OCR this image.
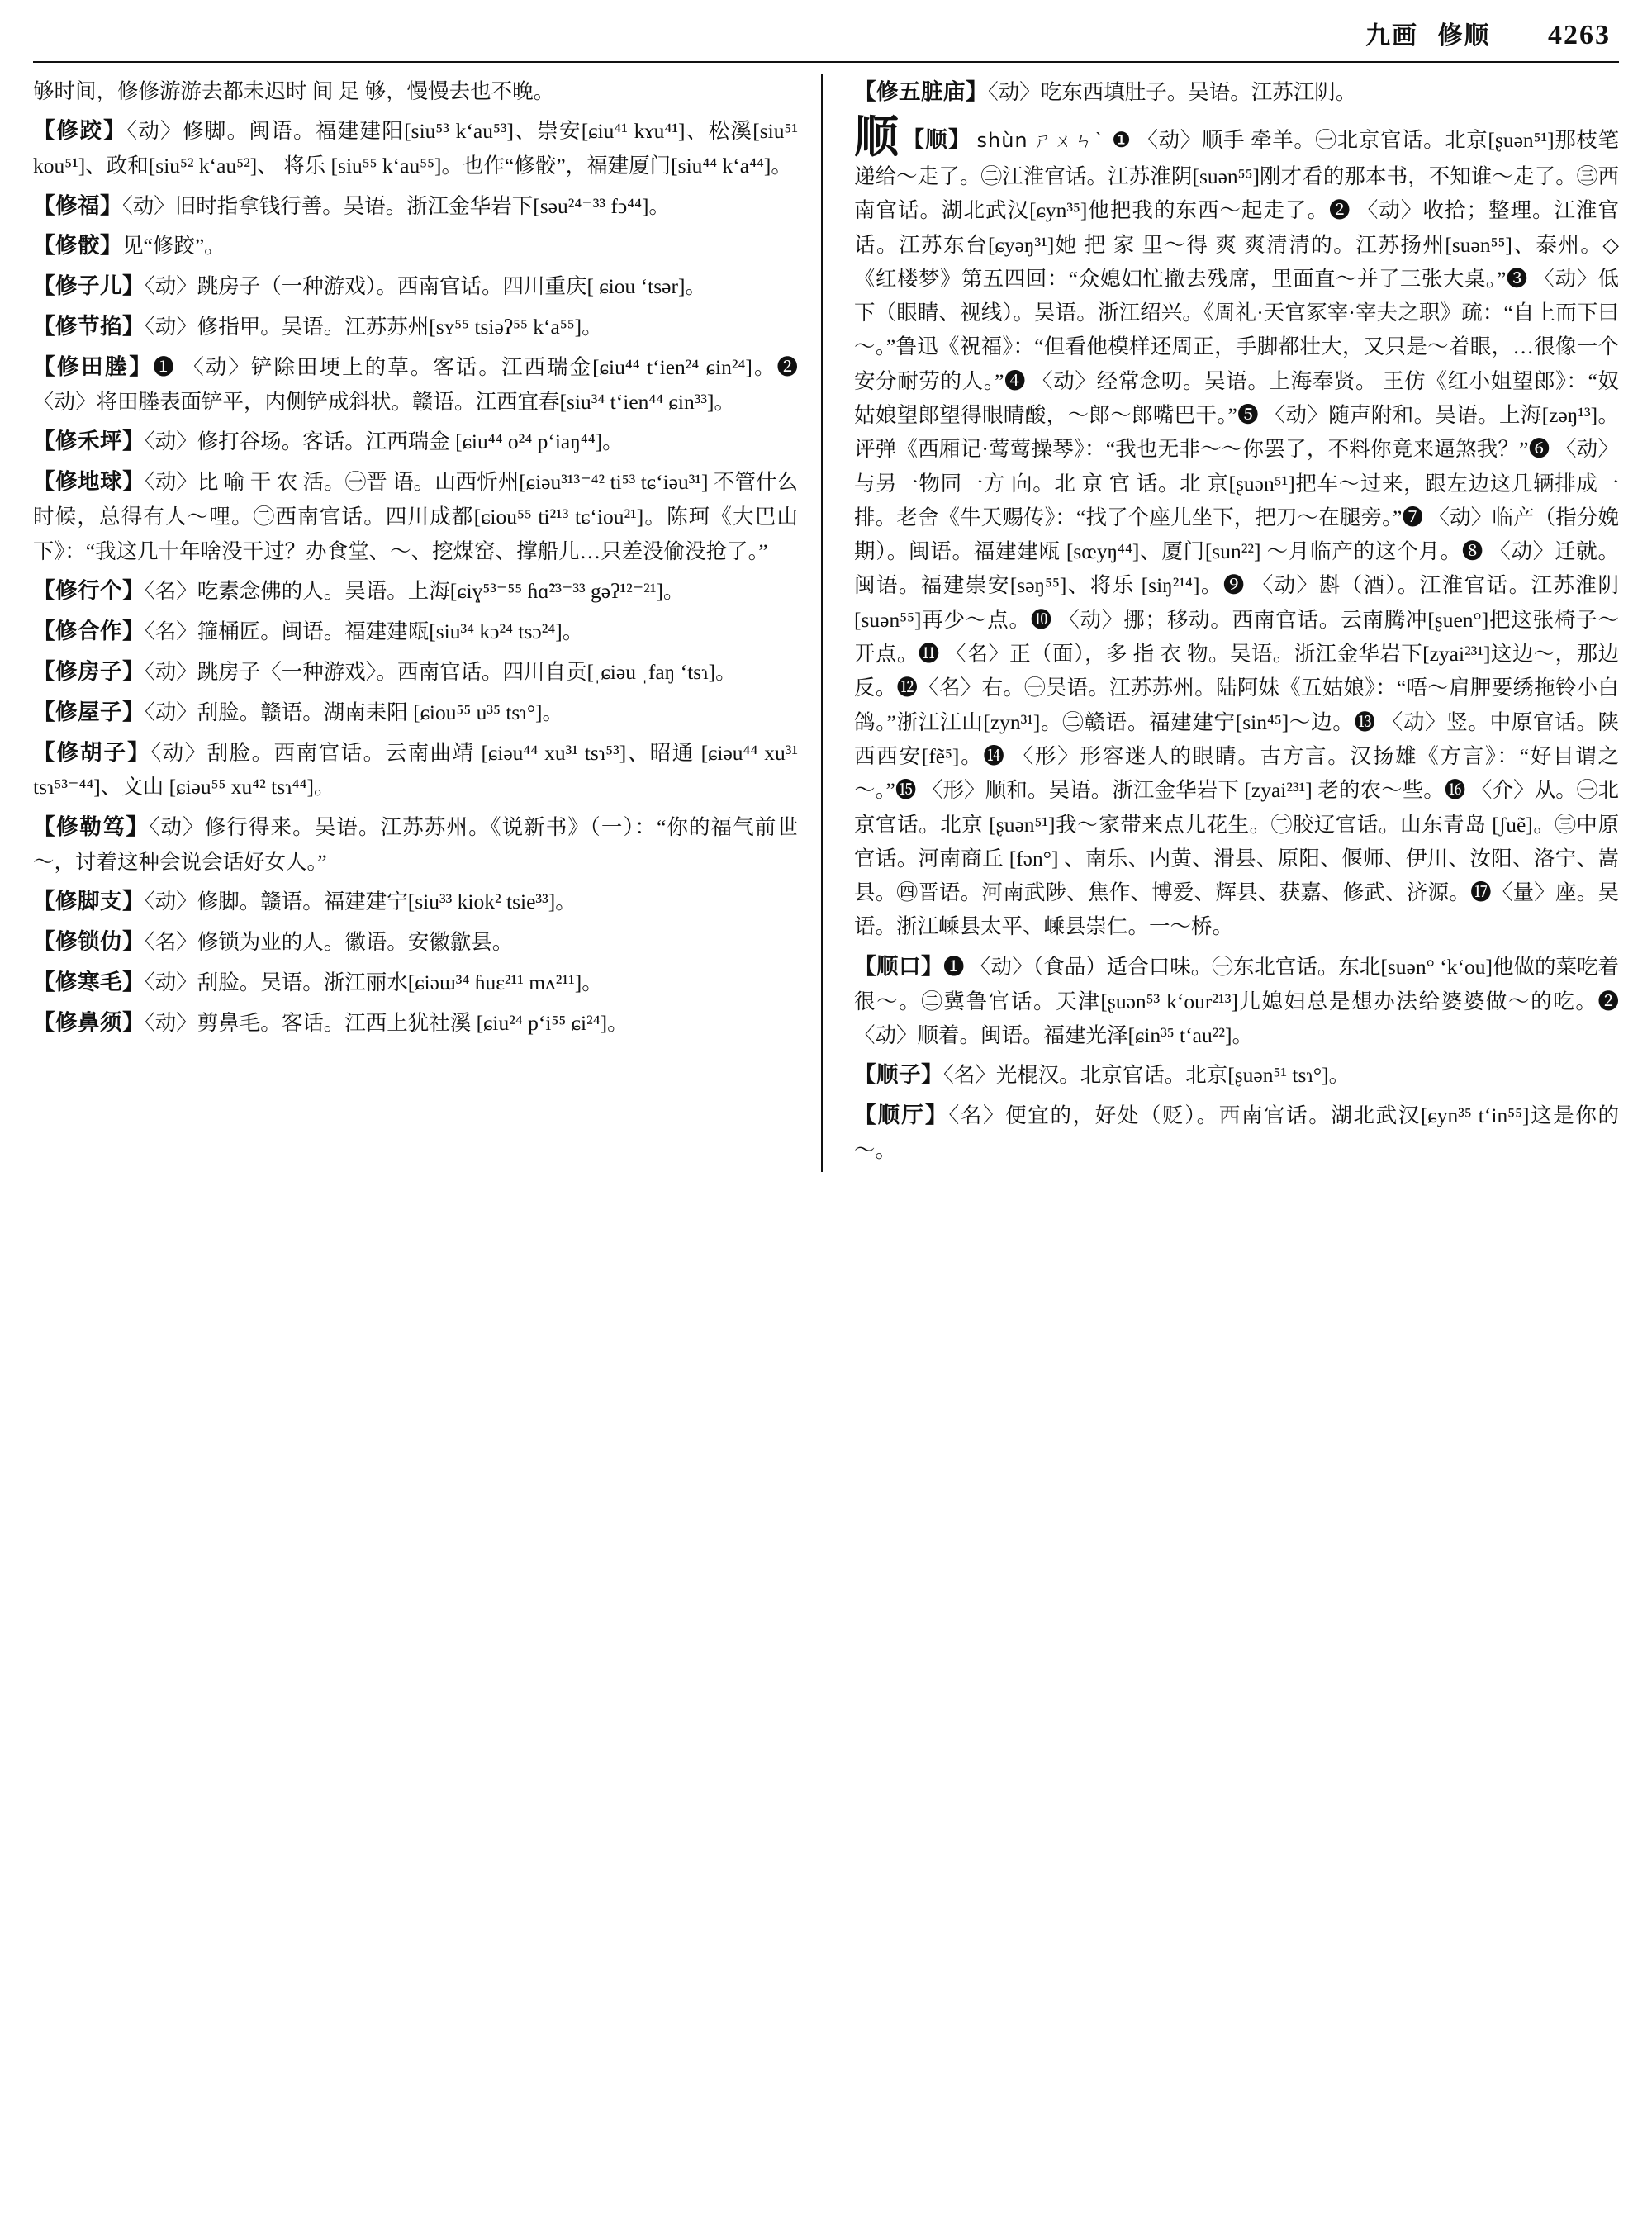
九画 修顺 4263
够时间，修修游游去都未迟时 间 足 够，慢慢去也不晚。
【修跤】〈动〉修脚。闽语。福建建阳[siu⁵³ kʻau⁵³]、崇安[ɕiu⁴¹ kɤu⁴¹]、松溪[siu⁵¹ kou⁵¹]、政和[siu⁵² kʻau⁵²]、 将乐 [siu⁵⁵ kʻau⁵⁵]。也作“修骹”，福建厦门[siu⁴⁴ kʻa⁴⁴]。
【修福】〈动〉旧时指拿钱行善。吴语。浙江金华岩下[səu²⁴⁻³³ fɔ⁴⁴]。
【修骹】见“修跤”。
【修子儿】〈动〉跳房子（一种游戏）。西南官话。四川重庆[ ɕiou ʻtsər]。
【修节掐】〈动〉修指甲。吴语。江苏苏州[sʏ⁵⁵ tsiəʔ⁵⁵ kʻa⁵⁵]。
【修田塍】❶ 〈动〉铲除田埂上的草。客话。江西瑞金[ɕiu⁴⁴ tʻien²⁴ ɕin²⁴]。❷ 〈动〉将田塍表面铲平，内侧铲成斜状。赣语。江西宜春[siu³⁴ tʻien⁴⁴ ɕin³³]。
【修禾坪】〈动〉修打谷场。客话。江西瑞金 [ɕiu⁴⁴ o²⁴ pʻiaŋ⁴⁴]。
【修地球】〈动〉比 喻 干 农 活。㊀晋 语。山西忻州[ɕiəu³¹³⁻⁴² ti⁵³ tɕʻiəu³¹] 不管什么时候，总得有人～哩。㊁西南官话。四川成都[ɕiou⁵⁵ ti²¹³ tɕʻiou²¹]。陈珂《大巴山下》：“我这几十年啥没干过？办食堂、～、挖煤窑、撑船儿…只差没偷没抢了。”
【修行个】〈名〉吃素念佛的人。吴语。上海[ɕiɣ⁵³⁻⁵⁵ ɦɑ̃²³⁻³³ gəʔ¹²⁻²¹]。
【修合作】〈名〉箍桶匠。闽语。福建建瓯[siu³⁴ kɔ²⁴ tsɔ²⁴]。
【修房子】〈动〉跳房子〈一种游戏〉。西南官话。四川自贡[ˌɕiəu ˌfaŋ ʻtsɿ]。
【修屋子】〈动〉刮脸。赣语。湖南耒阳 [ɕiou⁵⁵ u³⁵ tsɿ°]。
【修胡子】〈动〉刮脸。西南官话。云南曲靖 [ɕiəu⁴⁴ xu³¹ tsɿ⁵³]、昭通 [ɕiəu⁴⁴ xu³¹ tsɿ⁵³⁻⁴⁴]、文山 [ɕiəu⁵⁵ xu⁴² tsɿ⁴⁴]。
【修勒笃】〈动〉修行得来。吴语。江苏苏州。《说新书》（一）：“你的福气前世～，讨着这种会说会话好女人。”
【修脚支】〈动〉修脚。赣语。福建建宁[siu³³ kiok² tsie³³]。
【修锁仂】〈名〉修锁为业的人。徽语。安徽歙县。
【修寒毛】〈动〉刮脸。吴语。浙江丽水[ɕiəɯ³⁴ ɦuɛ²¹¹ mʌ²¹¹]。
【修鼻须】〈动〉剪鼻毛。客话。江西上犹社溪 [ɕiu²⁴ pʻi⁵⁵ ɕi²⁴]。
【修五脏庙】〈动〉吃东西填肚子。吴语。江苏江阴。
顺 【顺】 shùn ㄕㄨㄣˋ ❶ 〈动〉顺手 牵羊。㊀北京官话。北京[ʂuən⁵¹]那枝笔递给～走了。㊁江淮官话。江苏淮阴[suən⁵⁵]刚才看的那本书，不知谁～走了。㊂西南官话。湖北武汉[ɕyn³⁵]他把我的东西～起走了。❷ 〈动〉收拾；整理。江淮官话。江苏东台[ɕyəŋ³¹]她 把 家 里～得 爽 爽清清的。江苏扬州[suən⁵⁵]、泰州。◇《红楼梦》第五四回：“众媳妇忙撤去残席，里面直～并了三张大桌。”❸ 〈动〉低下（眼睛、视线）。吴语。浙江绍兴。《周礼·天官冢宰·宰夫之职》疏：“自上而下曰～。”鲁迅《祝福》：“但看他模样还周正，手脚都壮大，又只是～着眼，…很像一个安分耐劳的人。”❹ 〈动〉经常念叨。吴语。上海奉贤。 王仿《红小姐望郎》：“奴姑娘望郎望得眼睛酸，～郎～郎嘴巴干。”❺ 〈动〉随声附和。吴语。上海[zəŋ¹³]。评弹《西厢记·莺莺操琴》：“我也无非～～你罢了，不料你竟来逼煞我？”❻ 〈动〉与另一物同一方 向。北 京 官 话。北 京[ʂuən⁵¹]把车～过来，跟左边这几辆排成一排。老舍《牛天赐传》：“找了个座儿坐下，把刀～在腿旁。”❼ 〈动〉临产（指分娩期）。闽语。福建建瓯 [sœyŋ⁴⁴]、厦门[sun²²] ～月临产的这个月。❽ 〈动〉迁就。闽语。福建崇安[səŋ⁵⁵]、将乐 [siŋ²¹⁴]。❾ 〈动〉斟（酒）。江淮官话。江苏淮阴 [suən⁵⁵]再少～点。❿ 〈动〉挪；移动。西南官话。云南腾冲[ʂuen°]把这张椅子～开点。⓫ 〈名〉正（面），多 指 衣 物。吴语。浙江金华岩下[zyai²³¹]这边～，那边反。⓬〈名〉右。㊀吴语。江苏苏州。陆阿妹《五姑娘》：“唔～肩胛要绣拖铃小白鸽。”浙江江山[zyn³¹]。㊁赣语。福建建宁[sin⁴⁵]～边。⓭ 〈动〉竖。中原官话。陕西西安[fẽ⁵]。⓮ 〈形〉形容迷人的眼睛。古方言。汉扬雄《方言》：“好目谓之～。”⓯ 〈形〉顺和。吴语。浙江金华岩下 [zyai²³¹] 老的农～些。⓰ 〈介〉从。㊀北京官话。北京 [ʂuən⁵¹]我～家带来点儿花生。㊁胶辽官话。山东青岛 [ʃuẽ]。㊂中原官话。河南商丘 [fən°] 、南乐、内黄、滑县、原阳、偃师、伊川、汝阳、洛宁、嵩县。㊃晋语。河南武陟、焦作、博爱、辉县、获嘉、修武、济源。⓱〈量〉座。吴语。浙江嵊县太平、嵊县崇仁。一～桥。
【顺口】❶ 〈动〉（食品）适合口味。㊀东北官话。东北[suən° ʻkʻou]他做的菜吃着很～。㊁冀鲁官话。天津[ʂuən⁵³ kʻour²¹³]儿媳妇总是想办法给婆婆做～的吃。❷〈动〉顺着。闽语。福建光泽[ɕin³⁵ tʻau²²]。
【顺子】〈名〉光棍汉。北京官话。北京[ʂuən⁵¹ tsɿ°]。
【顺厅】〈名〉便宜的，好处（贬）。西南官话。湖北武汉[ɕyn³⁵ tʻin⁵⁵]这是你的～。
